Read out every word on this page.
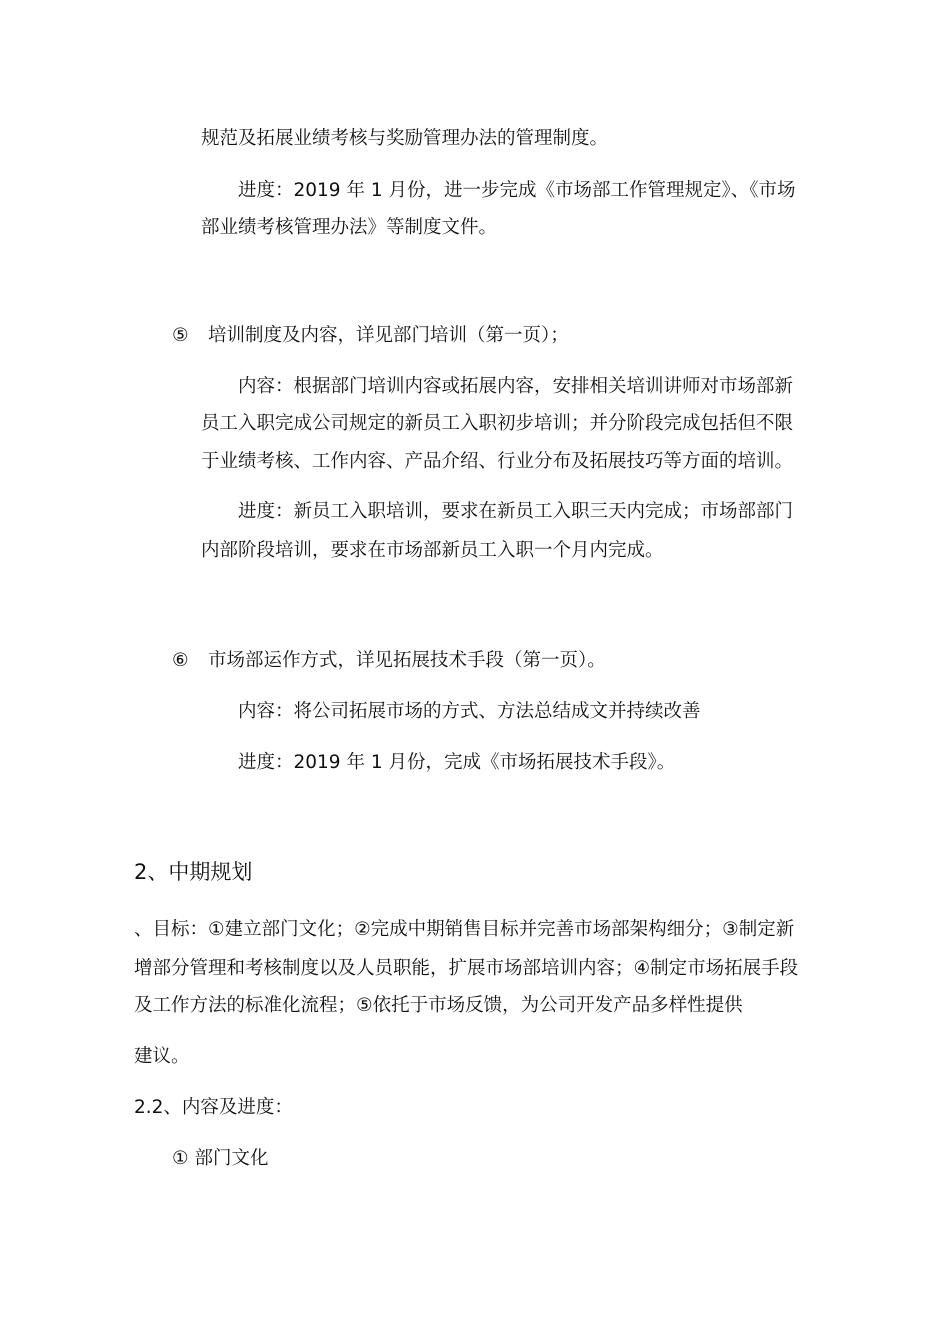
规范及拓展业绩考核与奖励管理办法的管理制度。
进度：2019 年 1 月份，进一步完成《市场部工作管理规定》、《市场
部业绩考核管理办法》等制度文件。
⑤ 培训制度及内容，详见部门培训（第一页）；
内容：根据部门培训内容或拓展内容，安排相关培训讲师对市场部新
员工入职完成公司规定的新员工入职初步培训；并分阶段完成包括但不限
于业绩考核、工作内容、产品介绍、行业分布及拓展技巧等方面的培训。
进度：新员工入职培训，要求在新员工入职三天内完成；市场部部门
内部阶段培训，要求在市场部新员工入职一个月内完成。
⑥ 市场部运作方式，详见拓展技术手段（第一页）。
内容：将公司拓展市场的方式、方法总结成文并持续改善
进度：2019 年 1 月份，完成《市场拓展技术手段》。
2、中期规划
、目标：①建立部门文化；②完成中期销售目标并完善市场部架构细分；③制定新
增部分管理和考核制度以及人员职能，扩展市场部培训内容；④制定市场拓展手段
及工作方法的标准化流程；⑤依托于市场反馈，为公司开发产品多样性提供
建议。
2.2、内容及进度：
① 部门文化
